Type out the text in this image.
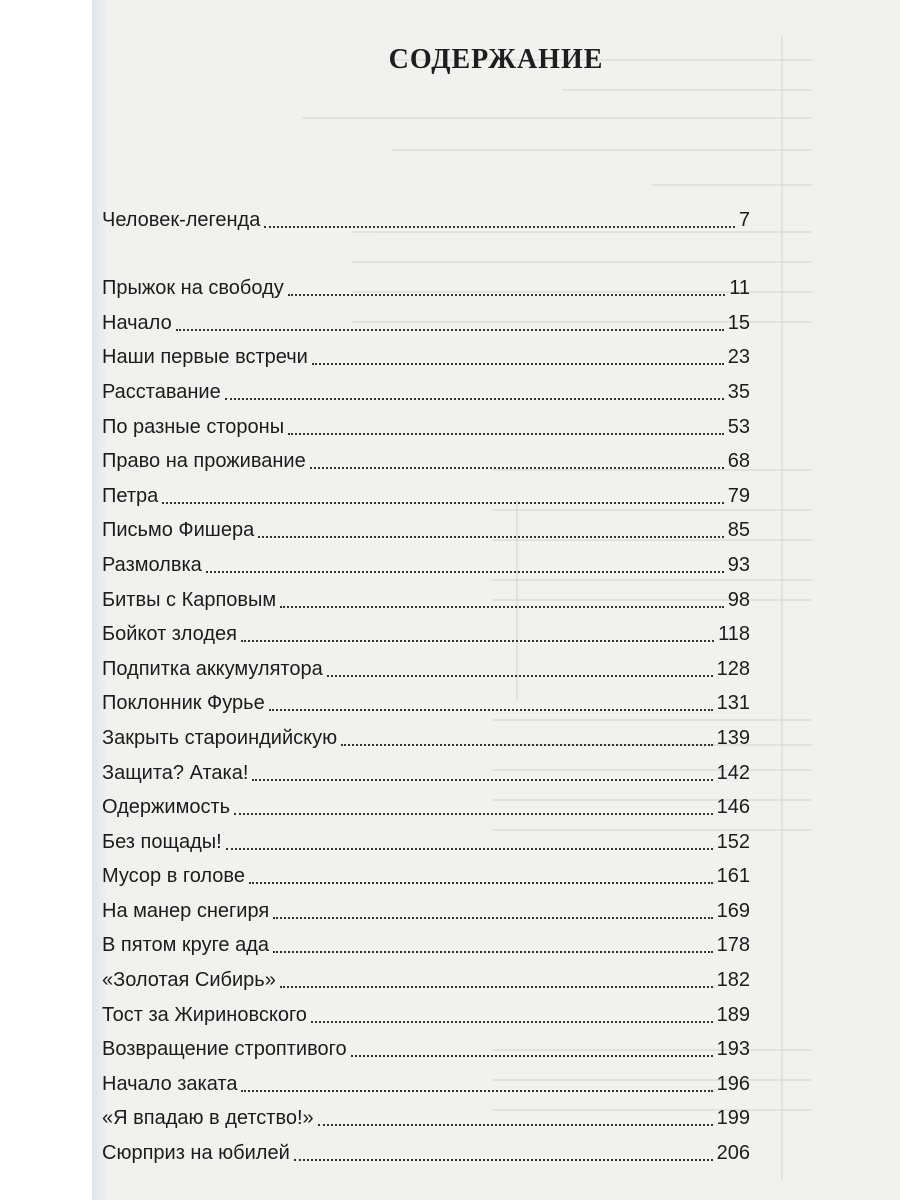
СОДЕРЖАНИЕ
Человек-легенда	7
Прыжок на свободу	11
Начало	15
Наши первые встречи	23
Расставание	35
По разные стороны	53
Право на проживание	68
Петра	79
Письмо Фишера	85
Размолвка	93
Битвы с Карповым	98
Бойкот злодея	118
Подпитка аккумулятора	128
Поклонник Фурье	131
Закрыть староиндийскую	139
Защита? Атака!	142
Одержимость	146
Без пощады!	152
Мусор в голове	161
На манер снегиря	169
В пятом круге ада	178
«Золотая Сибирь»	182
Тост за Жириновского	189
Возвращение строптивого	193
Начало заката	196
«Я впадаю в детство!»	199
Сюрприз на юбилей	206
